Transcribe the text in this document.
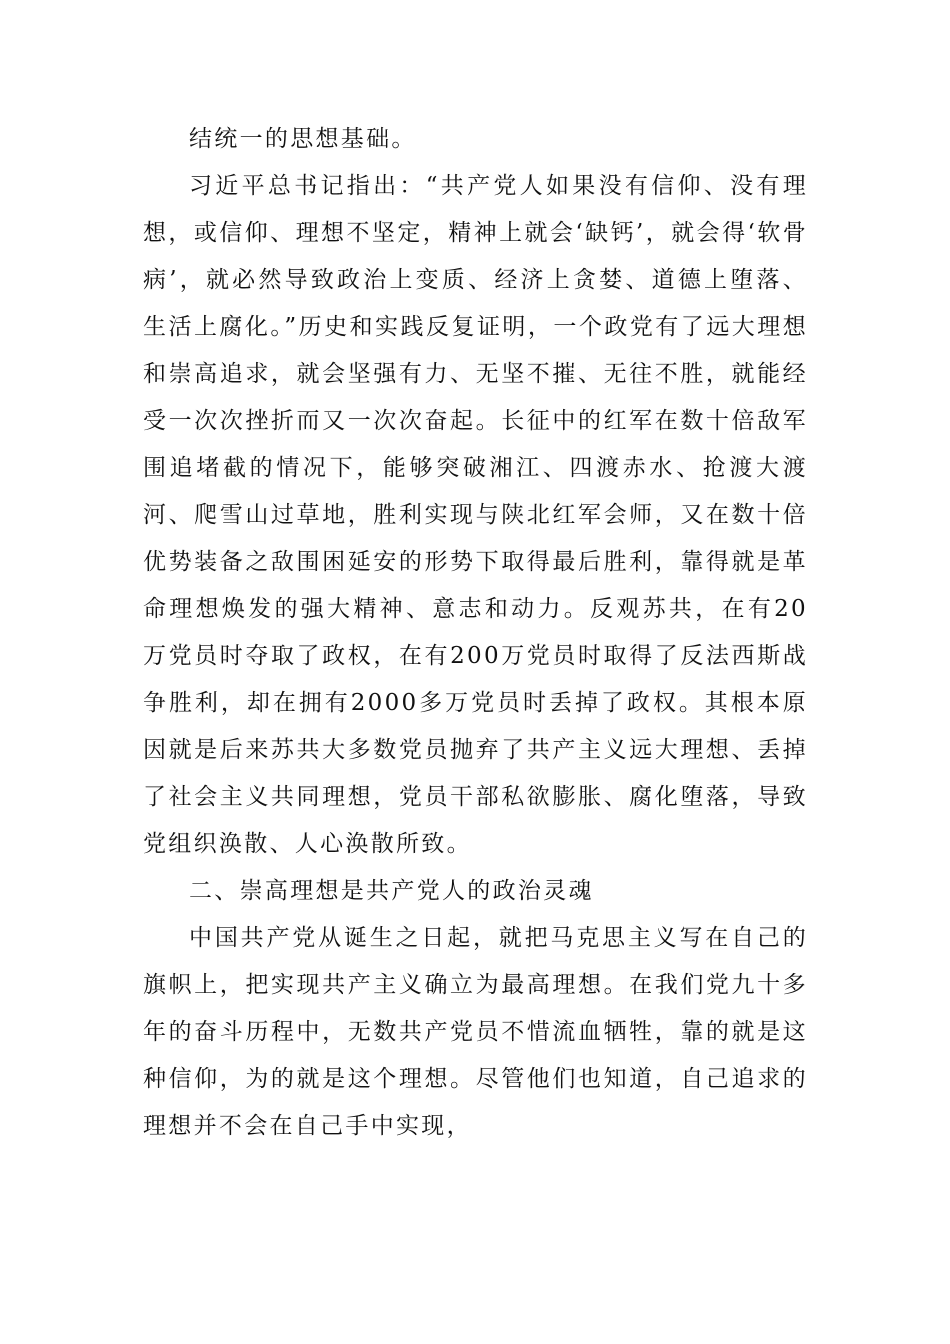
结统一的思想基础。

习近平总书记指出：“共产党人如果没有信仰、没有理想，或信仰、理想不坚定，精神上就会‘缺钙’，就会得‘软骨病’，就必然导致政治上变质、经济上贪婪、道德上堕落、生活上腐化。”历史和实践反复证明，一个政党有了远大理想和崇高追求，就会坚强有力、无坚不摧、无往不胜，就能经受一次次挫折而又一次次奋起。长征中的红军在数十倍敌军围追堵截的情况下，能够突破湘江、四渡赤水、抢渡大渡河、爬雪山过草地，胜利实现与陕北红军会师，又在数十倍优势装备之敌围困延安的形势下取得最后胜利，靠得就是革命理想焕发的强大精神、意志和动力。反观苏共，在有20万党员时夺取了政权，在有200万党员时取得了反法西斯战争胜利，却在拥有2000多万党员时丢掉了政权。其根本原因就是后来苏共大多数党员抛弃了共产主义远大理想、丢掉了社会主义共同理想，党员干部私欲膨胀、腐化堕落，导致党组织涣散、人心涣散所致。

二、崇高理想是共产党人的政治灵魂

中国共产党从诞生之日起，就把马克思主义写在自己的旗帜上，把实现共产主义确立为最高理想。在我们党九十多年的奋斗历程中，无数共产党员不惜流血牺牲，靠的就是这种信仰，为的就是这个理想。尽管他们也知道，自己追求的理想并不会在自己手中实现，
